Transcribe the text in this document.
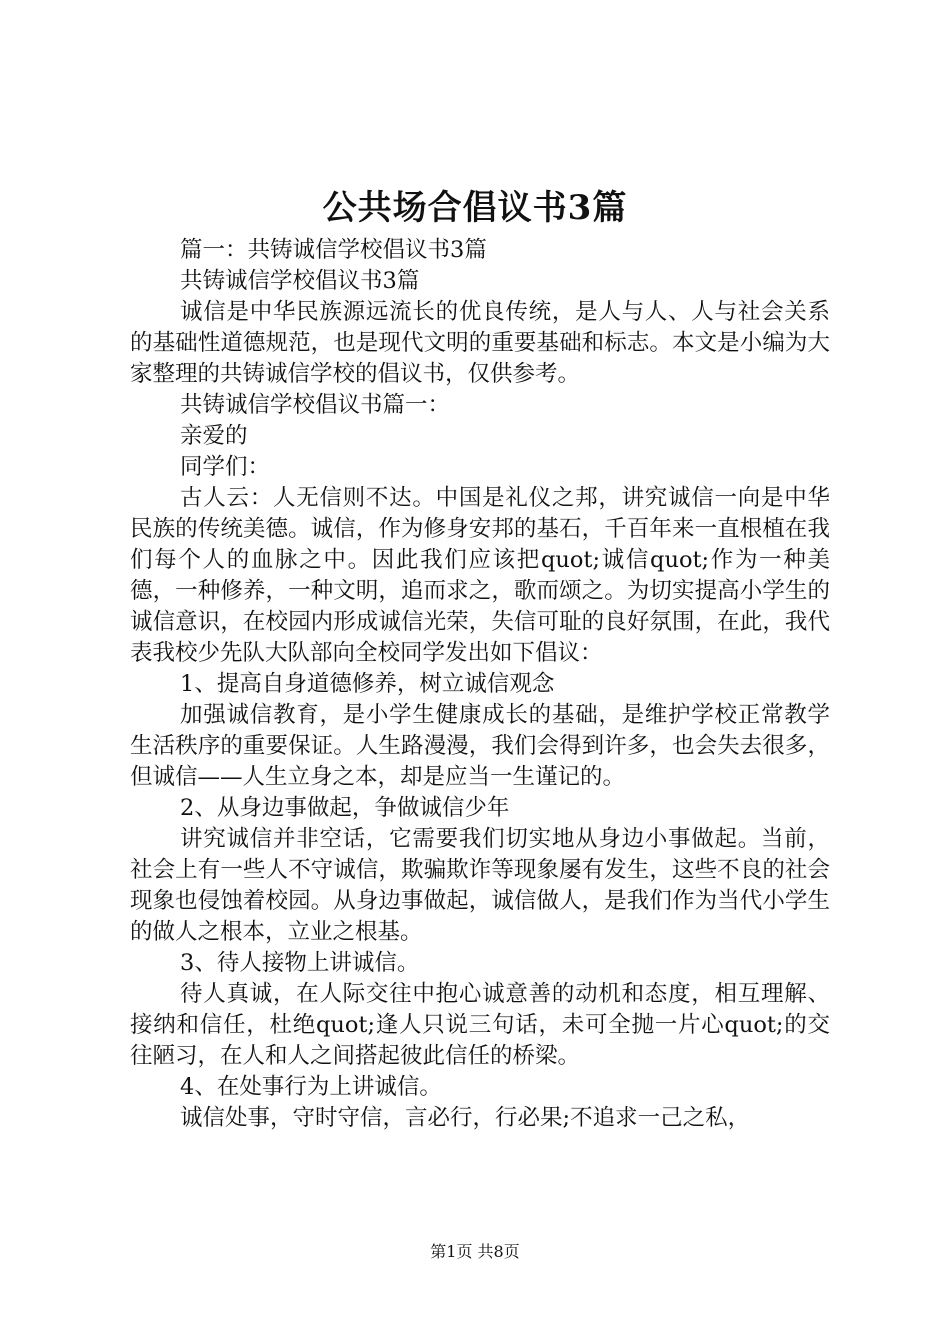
公共场合倡议书3篇

篇一：共铸诚信学校倡议书3篇

共铸诚信学校倡议书3篇

诚信是中华民族源远流长的优良传统，是人与人、人与社会关系的基础性道德规范，也是现代文明的重要基础和标志。本文是小编为大家整理的共铸诚信学校的倡议书，仅供参考。

共铸诚信学校倡议书篇一：

亲爱的

同学们：

古人云：人无信则不达。中国是礼仪之邦，讲究诚信一向是中华民族的传统美德。诚信，作为修身安邦的基石，千百年来一直根植在我们每个人的血脉之中。因此我们应该把quot;诚信quot;作为一种美德，一种修养，一种文明，追而求之，歌而颂之。为切实提高小学生的诚信意识，在校园内形成诚信光荣，失信可耻的良好氛围，在此，我代表我校少先队大队部向全校同学发出如下倡议：

1、提高自身道德修养，树立诚信观念

加强诚信教育，是小学生健康成长的基础，是维护学校正常教学生活秩序的重要保证。人生路漫漫，我们会得到许多，也会失去很多，但诚信——人生立身之本，却是应当一生谨记的。

2、从身边事做起，争做诚信少年

讲究诚信并非空话，它需要我们切实地从身边小事做起。当前，社会上有一些人不守诚信，欺骗欺诈等现象屡有发生，这些不良的社会现象也侵蚀着校园。从身边事做起，诚信做人，是我们作为当代小学生的做人之根本，立业之根基。

3、待人接物上讲诚信。

待人真诚，在人际交往中抱心诚意善的动机和态度，相互理解、接纳和信任，杜绝quot;逢人只说三句话，未可全抛一片心quot;的交往陋习，在人和人之间搭起彼此信任的桥梁。

4、在处事行为上讲诚信。

诚信处事，守时守信，言必行，行必果;不追求一己之私，

第1页 共8页
